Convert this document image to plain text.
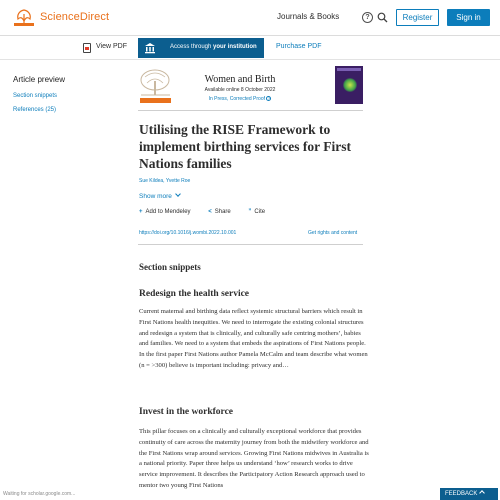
ScienceDirect	Journals & Books	?	Register	Sign in
View PDF	Access through your institution	Purchase PDF
Article preview
Section snippets
References (25)
Women and Birth
Available online 8 October 2022
In Press, Corrected Proof ?
Utilising the RISE Framework to implement birthing services for First Nations families
Sue Kildea, Yvette Roe
Show more
+ Add to Mendeley	< Share	” Cite
https://doi.org/10.1016/j.wombi.2022.10.001	Get rights and content
Section snippets
Redesign the health service

Current maternal and birthing data reflect systemic structural barriers which result in First Nations health inequities. We need to interrogate the existing colonial structures and redesign a system that is clinically, and culturally safe centring mothers’, babies and families. We need to a system that embeds the aspirations of First Nations people. In the first paper First Nations author Pamela McCalm and team describe what women (n = >300) believe is important including: privacy and…

Invest in the workforce

This pillar focuses on a clinically and culturally exceptional workforce that provides continuity of care across the maternity journey from both the midwifery workforce and the First Nations wrap around services. Growing First Nations midwives in Australia is a national priority. Paper three helps us understand ‘how’ research works to drive service improvement. It describes the Participatory Action Research approach used to mentor two young First Nations

Waiting for scholar.google.com...	FEEDBACK
